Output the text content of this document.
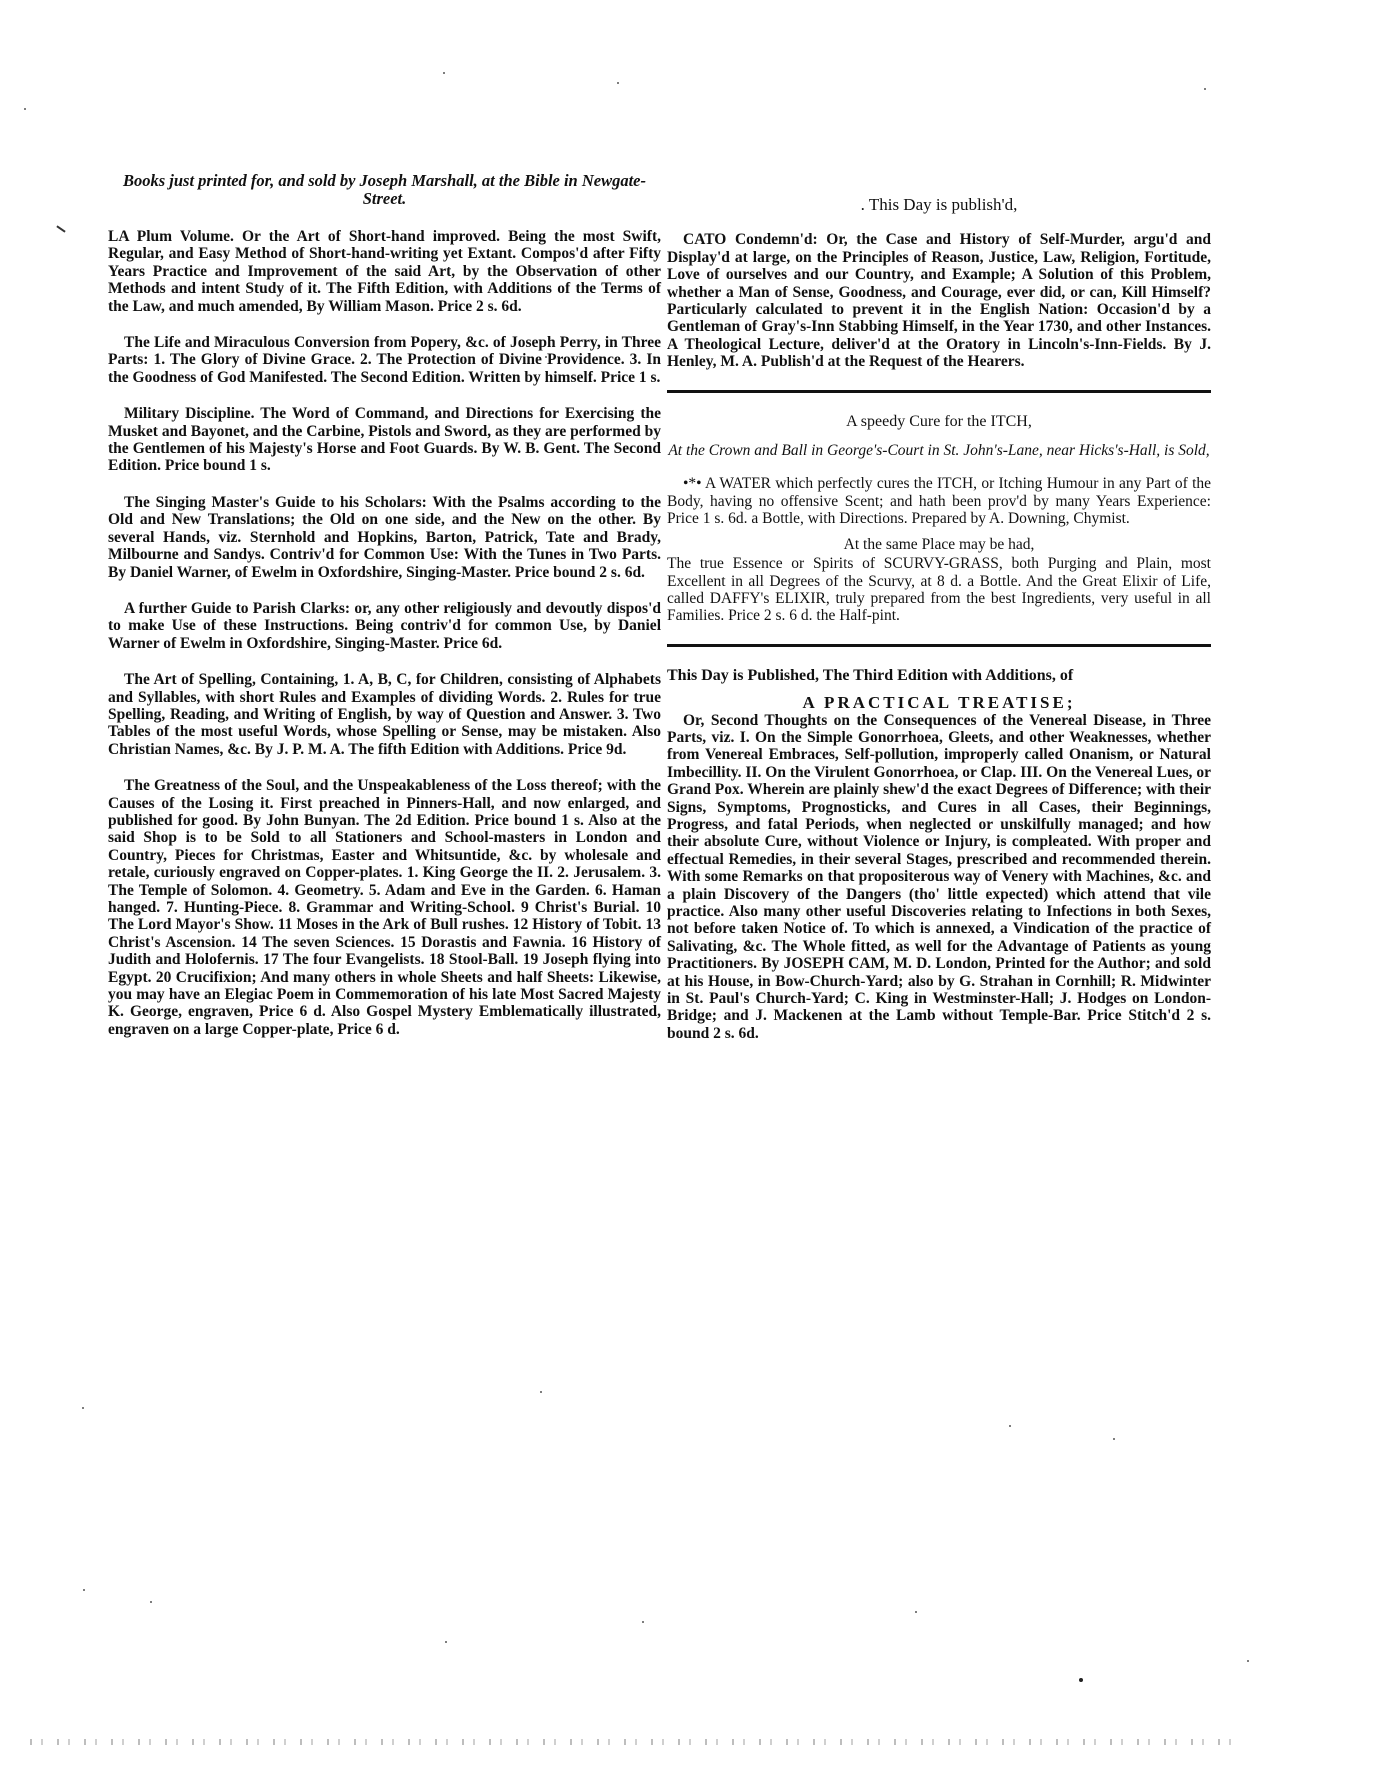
Books just printed for, and sold by Joseph Marshall, at the Bible in Newgate-Street.

LA Plum Volume. Or the Art of Short-hand improved. Being the most Swift, Regular, and Easy Method of Short-hand-writing yet Extant. Compos'd after Fifty Years Practice and Improvement of the said Art, by the Observation of other Methods and intent Study of it. The Fifth Edition, with Additions of the Terms of the Law, and much amended, By William Mason. Price 2 s. 6d.

The Life and Miraculous Conversion from Popery, &c. of Joseph Perry, in Three Parts: 1. The Glory of Divine Grace. 2. The Protection of Divine Providence. 3. In the Goodness of God Manifested. The Second Edition. Written by himself. Price 1 s.

Military Discipline. The Word of Command, and Directions for Exercising the Musket and Bayonet, and the Carbine, Pistols and Sword, as they are performed by the Gentlemen of his Majesty's Horse and Foot Guards. By W. B. Gent. The Second Edition. Price bound 1 s.

The Singing Master's Guide to his Scholars: With the Psalms according to the Old and New Translations; the Old on one side, and the New on the other. By several Hands, viz. Sternhold and Hopkins, Barton, Patrick, Tate and Brady, Milbourne and Sandys. Contriv'd for Common Use: With the Tunes in Two Parts. By Daniel Warner, of Ewelm in Oxfordshire, Singing-Master. Price bound 2 s. 6d.

A further Guide to Parish Clarks: or, any other religiously and devoutly dispos'd to make Use of these Instructions. Being contriv'd for common Use, by Daniel Warner of Ewelm in Oxfordshire, Singing-Master. Price 6d.

The Art of Spelling, Containing, 1. A, B, C, for Children, consisting of Alphabets and Syllables, with short Rules and Examples of dividing Words. 2. Rules for true Spelling, Reading, and Writing of English, by way of Question and Answer. 3. Two Tables of the most useful Words, whose Spelling or Sense, may be mistaken. Also Christian Names, &c. By J. P. M. A. The fifth Edition with Additions. Price 9d.

The Greatness of the Soul, and the Unspeakableness of the Loss thereof; with the Causes of the Losing it. First preached in Pinners-Hall, and now enlarged, and published for good. By John Bunyan. The 2d Edition. Price bound 1 s. Also at the said Shop is to be Sold to all Stationers and School-masters in London and Country, Pieces for Christmas, Easter and Whitsuntide, &c. by wholesale and retale, curiously engraved on Copper-plates. 1. King George the II. 2. Jerusalem. 3. The Temple of Solomon. 4. Geometry. 5. Adam and Eve in the Garden. 6. Haman hanged. 7. Hunting-Piece. 8. Grammar and Writing-School. 9 Christ's Burial. 10 The Lord Mayor's Show. 11 Moses in the Ark of Bull rushes. 12 History of Tobit. 13 Christ's Ascension. 14 The seven Sciences. 15 Dorastis and Fawnia. 16 History of Judith and Holofernis. 17 The four Evangelists. 18 Stool-Ball. 19 Joseph flying into Egypt. 20 Crucifixion; And many others in whole Sheets and half Sheets: Likewise, you may have an Elegiac Poem in Commemoration of his late Most Sacred Majesty K. George, engraven, Price 6 d. Also Gospel Mystery Emblematically illustrated, engraven on a large Copper-plate, Price 6 d.

. This Day is publish'd,

CATO Condemn'd: Or, the Case and History of Self-Murder, argu'd and Display'd at large, on the Principles of Reason, Justice, Law, Religion, Fortitude, Love of ourselves and our Country, and Example; A Solution of this Problem, whether a Man of Sense, Goodness, and Courage, ever did, or can, Kill Himself? Particularly calculated to prevent it in the English Nation: Occasion'd by a Gentleman of Gray's-Inn Stabbing Himself, in the Year 1730, and other Instances. A Theological Lecture, deliver'd at the Oratory in Lincoln's-Inn-Fields. By J. Henley, M. A. Publish'd at the Request of the Hearers.

A speedy Cure for the ITCH,

At the Crown and Ball in George's-Court in St. John's-Lane, near Hicks's-Hall, is Sold,

•*• A WATER which perfectly cures the ITCH, or Itching Humour in any Part of the Body, having no offensive Scent; and hath been prov'd by many Years Experience: Price 1 s. 6d. a Bottle, with Directions. Prepared by A. Downing, Chymist.

At the same Place may be had,

The true Essence or Spirits of SCURVY-GRASS, both Purging and Plain, most Excellent in all Degrees of the Scurvy, at 8 d. a Bottle. And the Great Elixir of Life, called DAFFY's ELIXIR, truly prepared from the best Ingredients, very useful in all Families. Price 2 s. 6 d. the Half-pint.

This Day is Published, The Third Edition with Additions, of

A PRACTICAL TREATISE;

Or, Second Thoughts on the Consequences of the Venereal Disease, in Three Parts, viz. I. On the Simple Gonorrhoea, Gleets, and other Weaknesses, whether from Venereal Embraces, Self-pollution, improperly called Onanism, or Natural Imbecillity. II. On the Virulent Gonorrhoea, or Clap. III. On the Venereal Lues, or Grand Pox. Wherein are plainly shew'd the exact Degrees of Difference; with their Signs, Symptoms, Prognosticks, and Cures in all Cases, their Beginnings, Progress, and fatal Periods, when neglected or unskilfully managed; and how their absolute Cure, without Violence or Injury, is compleated. With proper and effectual Remedies, in their several Stages, prescribed and recommended therein. With some Remarks on that propositerous way of Venery with Machines, &c. and a plain Discovery of the Dangers (tho' little expected) which attend that vile practice. Also many other useful Discoveries relating to Infections in both Sexes, not before taken Notice of. To which is annexed, a Vindication of the practice of Salivating, &c. The Whole fitted, as well for the Advantage of Patients as young Practitioners. By JOSEPH CAM, M. D. London, Printed for the Author; and sold at his House, in Bow-Church-Yard; also by G. Strahan in Cornhill; R. Midwinter in St. Paul's Church-Yard; C. King in Westminster-Hall; J. Hodges on London-Bridge; and J. Mackenen at the Lamb without Temple-Bar. Price Stitch'd 2 s. bound 2 s. 6d.
